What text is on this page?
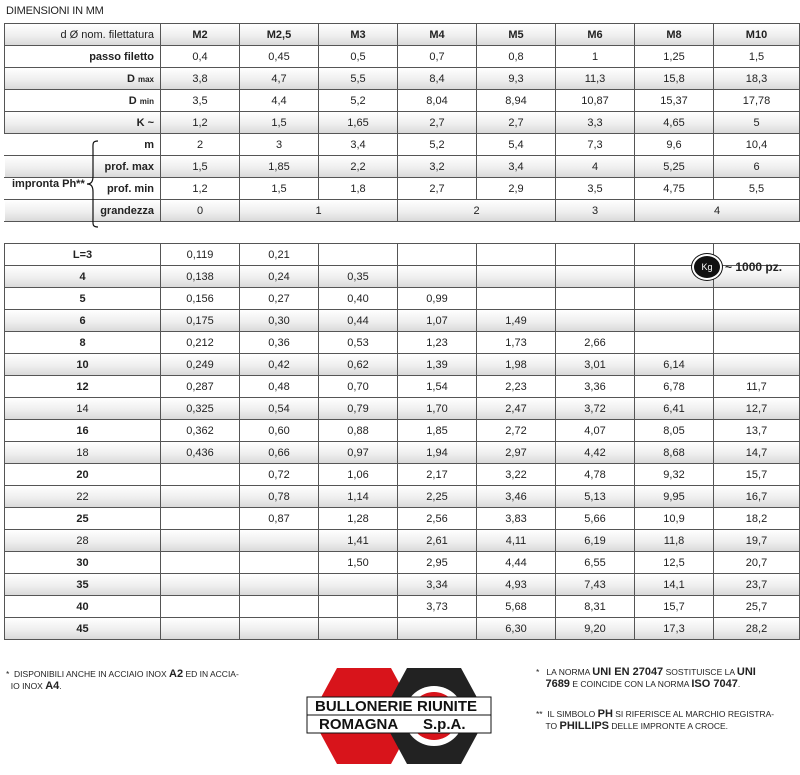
DIMENSIONI IN MM
d Ø nom. filettatura	M2	M2,5	M3	M4	M5	M6	M8	M10
passo filetto	0,4	0,45	0,5	0,7	0,8	1	1,25	1,5
D max	3,8	4,7	5,5	8,4	9,3	11,3	15,8	18,3
D min	3,5	4,4	5,2	8,04	8,94	10,87	15,37	17,78
K ~	1,2	1,5	1,65	2,7	2,7	3,3	4,65	5
m	2	3	3,4	5,2	5,4	7,3	9,6	10,4
prof. max	1,5	1,85	2,2	3,2	3,4	4	5,25	6
prof. min	1,2	1,5	1,8	2,7	2,9	3,5	4,75	5,5
grandezza	0	1		2		3	4	
impronta Ph**
L=3	0,119	0,21						
4	0,138	0,24	0,35					
5	0,156	0,27	0,40	0,99				
6	0,175	0,30	0,44	1,07	1,49			
8	0,212	0,36	0,53	1,23	1,73	2,66		
10	0,249	0,42	0,62	1,39	1,98	3,01	6,14	
12	0,287	0,48	0,70	1,54	2,23	3,36	6,78	11,7
14	0,325	0,54	0,79	1,70	2,47	3,72	6,41	12,7
16	0,362	0,60	0,88	1,85	2,72	4,07	8,05	13,7
18	0,436	0,66	0,97	1,94	2,97	4,42	8,68	14,7
20		0,72	1,06	2,17	3,22	4,78	9,32	15,7
22		0,78	1,14	2,25	3,46	5,13	9,95	16,7
25		0,87	1,28	2,56	3,83	5,66	10,9	18,2
28			1,41	2,61	4,11	6,19	11,8	19,7
30			1,50	2,95	4,44	6,55	12,5	20,7
35				3,34	4,93	7,43	14,1	23,7
40				3,73	5,68	8,31	15,7	25,7
45					6,30	9,20	17,3	28,2
Kg	~ 1000 pz.
* DISPONIBILI ANCHE IN ACCIAIO INOX A2 ED IN ACCIA-
IO INOX A4.
* LA NORMA UNI EN 27047 SOSTITUISCE LA UNI
7689 E COINCIDE CON LA NORMA ISO 7047.
** IL SIMBOLO PH SI RIFERISCE AL MARCHIO REGISTRA-
TO PHILLIPS DELLE IMPRONTE A CROCE.
BULLONERIE RIUNITE
ROMAGNA S.p.A.
